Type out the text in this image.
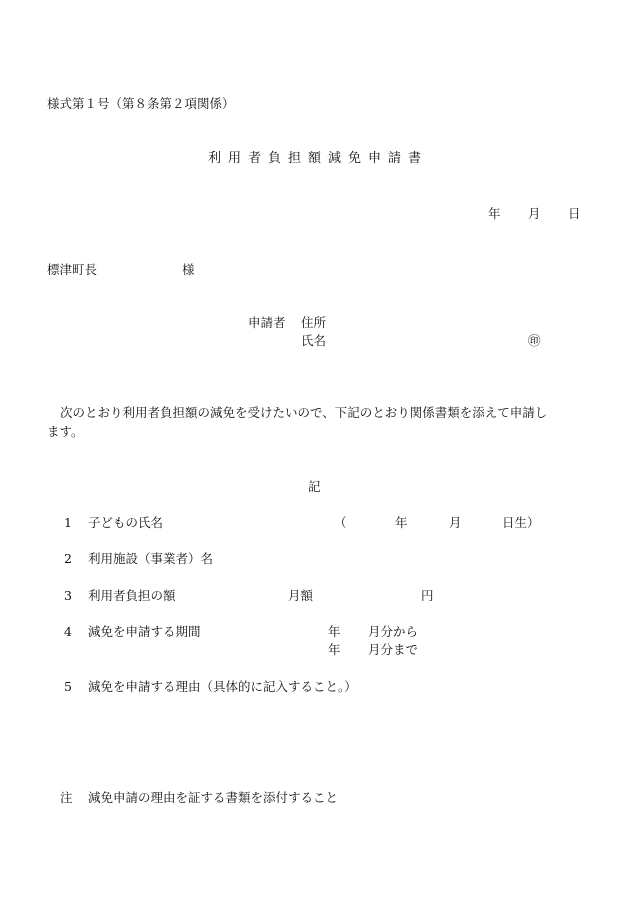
様式第１号（第８条第２項関係）
利用者負担額減免申請書
年 月 日
標津町長	様
申請者 住所
氏名	㊞
次のとおり利用者負担額の減免を受けたいので、下記のとおり関係書類を添えて申請し
ます。
記
1 子どもの氏名	（	年	月	日生）
2 利用施設（事業者）名
3 利用者負担の額	月額	円
4 減免を申請する期間	年 月分から
年 月分まで
5 減免を申請する理由（具体的に記入すること。）
注 減免申請の理由を証する書類を添付すること
